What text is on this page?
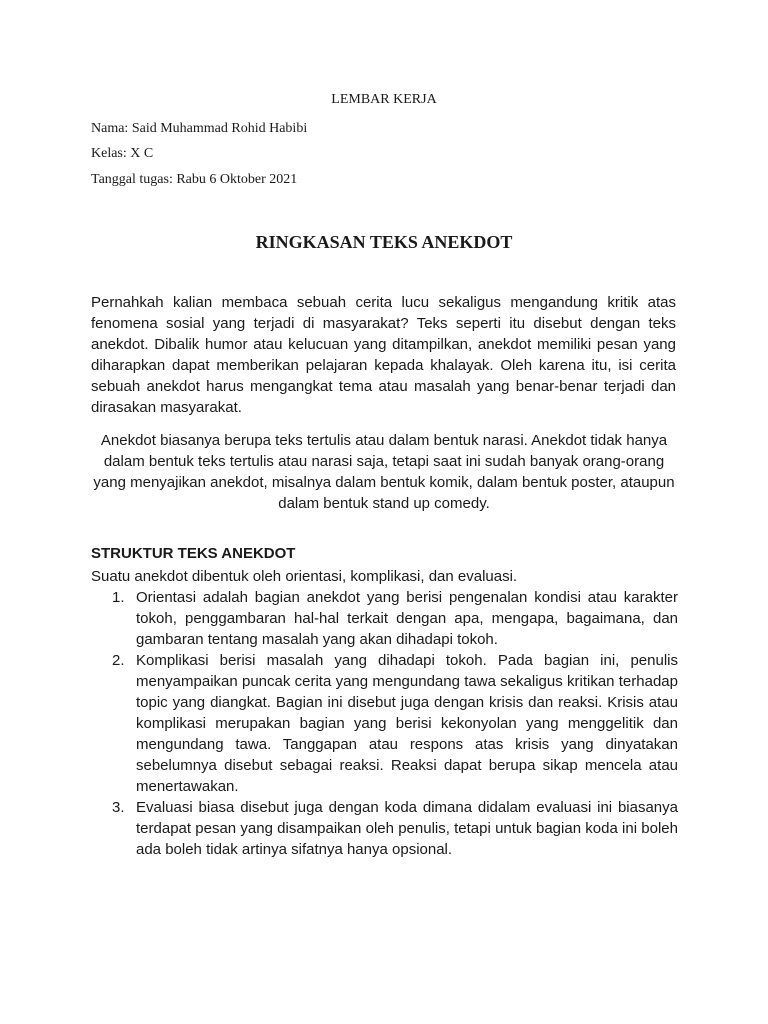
LEMBAR KERJA
Nama: Said Muhammad Rohid Habibi
Kelas: X C
Tanggal tugas: Rabu 6 Oktober 2021
RINGKASAN TEKS ANEKDOT
Pernahkah kalian membaca sebuah cerita lucu sekaligus mengandung kritik atas fenomena sosial yang terjadi di masyarakat? Teks seperti itu disebut dengan teks anekdot. Dibalik humor atau kelucuan yang ditampilkan, anekdot memiliki pesan yang diharapkan dapat memberikan pelajaran kepada khalayak. Oleh karena itu, isi cerita sebuah anekdot harus mengangkat tema atau masalah yang benar-benar terjadi dan dirasakan masyarakat.
Anekdot biasanya berupa teks tertulis atau dalam bentuk narasi. Anekdot tidak hanya dalam bentuk teks tertulis atau narasi saja, tetapi saat ini sudah banyak orang-orang yang menyajikan anekdot, misalnya dalam bentuk komik, dalam bentuk poster, ataupun dalam bentuk stand up comedy.
STRUKTUR TEKS ANEKDOT
Suatu anekdot dibentuk oleh orientasi, komplikasi, dan evaluasi.
1. Orientasi adalah bagian anekdot yang berisi pengenalan kondisi atau karakter tokoh, penggambaran hal-hal terkait dengan apa, mengapa, bagaimana, dan gambaran tentang masalah yang akan dihadapi tokoh.
2. Komplikasi berisi masalah yang dihadapi tokoh. Pada bagian ini, penulis menyampaikan puncak cerita yang mengundang tawa sekaligus kritikan terhadap topic yang diangkat. Bagian ini disebut juga dengan krisis dan reaksi. Krisis atau komplikasi merupakan bagian yang berisi kekonyolan yang menggelitik dan mengundang tawa. Tanggapan atau respons atas krisis yang dinyatakan sebelumnya disebut sebagai reaksi. Reaksi dapat berupa sikap mencela atau menertawakan.
3. Evaluasi biasa disebut juga dengan koda dimana didalam evaluasi ini biasanya terdapat pesan yang disampaikan oleh penulis, tetapi untuk bagian koda ini boleh ada boleh tidak artinya sifatnya hanya opsional.
